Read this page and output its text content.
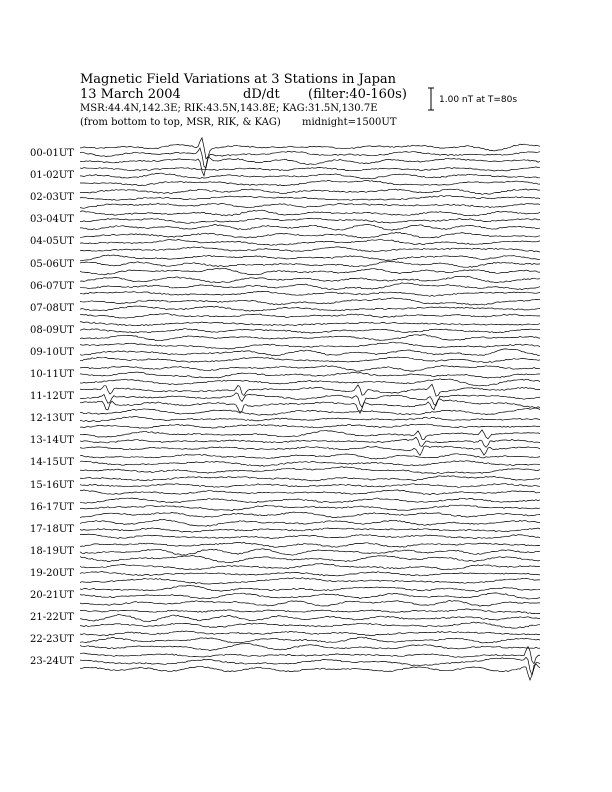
Magnetic Field Variations at 3 Stations in Japan
13 March 2004	dD/dt (filter:40-160s)
MSR:44.4N,142.3E; RIK:43.5N,143.8E; KAG:31.5N,130.7E
(from bottom to top, MSR, RIK, & KAG) midnight=1500UT
1.00 nT at T=80s
00-01UT
01-02UT
02-03UT
03-04UT
04-05UT
05-06UT
06-07UT
07-08UT
08-09UT
09-10UT
10-11UT
11-12UT
12-13UT
13-14UT
14-15UT
15-16UT
16-17UT
17-18UT
18-19UT
19-20UT
20-21UT
21-22UT
22-23UT
23-24UT
